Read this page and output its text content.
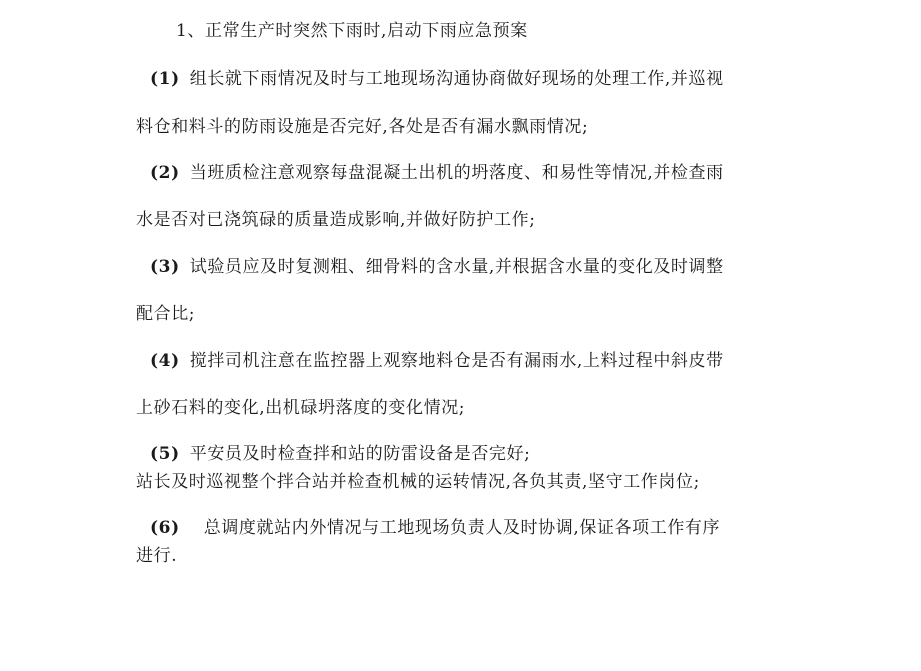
1、正常生产时突然下雨时,启动下雨应急预案
(1) 组长就下雨情况及时与工地现场沟通协商做好现场的处理工作,并巡视
料仓和料斗的防雨设施是否完好,各处是否有漏水飘雨情况;
(2) 当班质检注意观察每盘混凝土出机的坍落度、和易性等情况,并检查雨
水是否对已浇筑碌的质量造成影响,并做好防护工作;
(3) 试验员应及时复测粗、细骨料的含水量,并根据含水量的变化及时调整
配合比;
(4) 搅拌司机注意在监控器上观察地料仓是否有漏雨水,上料过程中斜皮带
上砂石料的变化,出机碌坍落度的变化情况;
(5) 平安员及时检查拌和站的防雷设备是否完好;
站长及时巡视整个拌合站并检查机械的运转情况,各负其责,坚守工作岗位;
(6) 总调度就站内外情况与工地现场负责人及时协调,保证各项工作有序
进行.
